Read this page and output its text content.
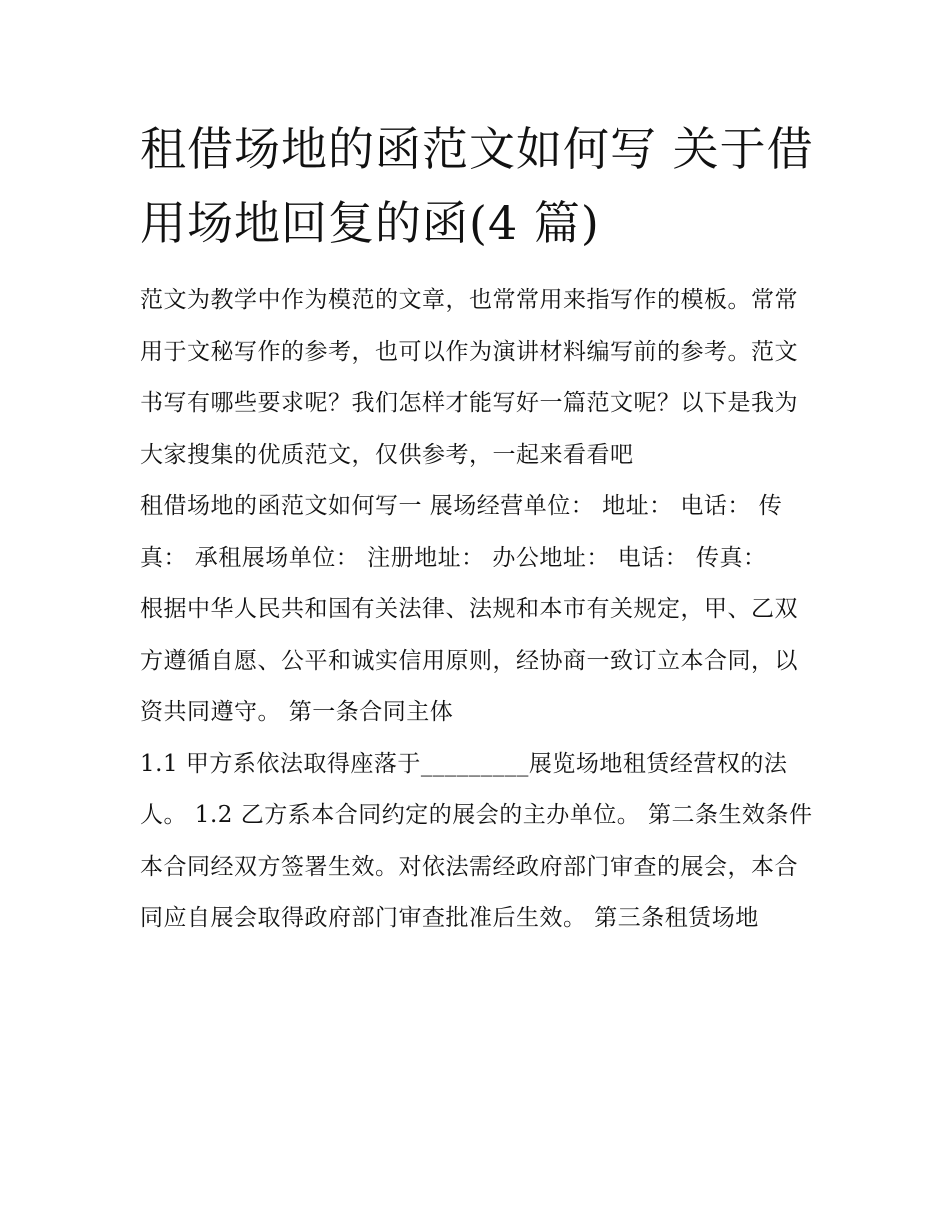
租借场地的函范文如何写 关于借用场地回复的函(4 篇)

范文为教学中作为模范的文章，也常常用来指写作的模板。常常用于文秘写作的参考，也可以作为演讲材料编写前的参考。范文书写有哪些要求呢？我们怎样才能写好一篇范文呢？以下是我为大家搜集的优质范文，仅供参考，一起来看看吧

租借场地的函范文如何写一 展场经营单位： 地址： 电话： 传真： 承租展场单位： 注册地址： 办公地址： 电话： 传真：

根据中华人民共和国有关法律、法规和本市有关规定，甲、乙双方遵循自愿、公平和诚实信用原则，经协商一致订立本合同，以资共同遵守。 第一条合同主体

1.1 甲方系依法取得座落于_________展览场地租赁经营权的法人。 1.2 乙方系本合同约定的展会的主办单位。 第二条生效条件

本合同经双方签署生效。对依法需经政府部门审查的展会，本合同应自展会取得政府部门审查批准后生效。 第三条租赁场地
